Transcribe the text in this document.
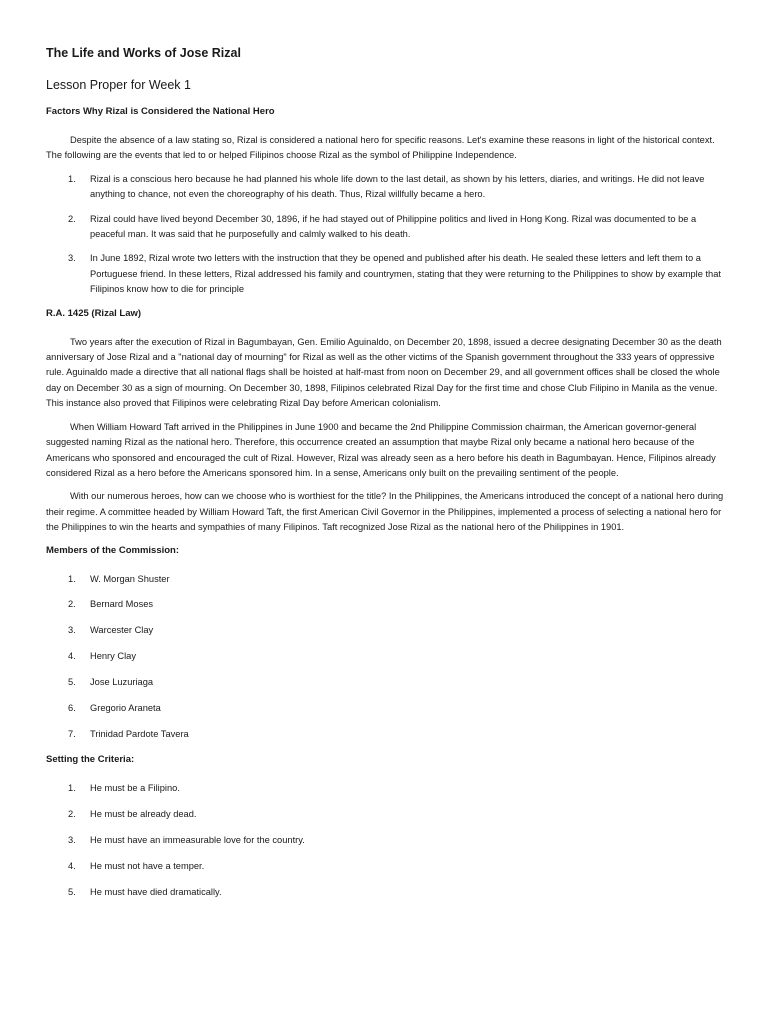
The Life and Works of Jose Rizal
Lesson Proper for Week 1
Factors Why Rizal is Considered the National Hero

Despite the absence of a law stating so, Rizal is considered a national hero for specific reasons. Let's examine these reasons in light of the historical context. The following are the events that led to or helped Filipinos choose Rizal as the symbol of Philippine Independence.

1. Rizal is a conscious hero because he had planned his whole life down to the last detail, as shown by his letters, diaries, and writings. He did not leave anything to chance, not even the choreography of his death. Thus, Rizal willfully became a hero.
2. Rizal could have lived beyond December 30, 1896, if he had stayed out of Philippine politics and lived in Hong Kong. Rizal was documented to be a peaceful man. It was said that he purposefully and calmly walked to his death.
3. In June 1892, Rizal wrote two letters with the instruction that they be opened and published after his death. He sealed these letters and left them to a Portuguese friend. In these letters, Rizal addressed his family and countrymen, stating that they were returning to the Philippines to show by example that Filipinos know how to die for principle
R.A. 1425 (Rizal Law)

Two years after the execution of Rizal in Bagumbayan, Gen. Emilio Aguinaldo, on December 20, 1898, issued a decree designating December 30 as the death anniversary of Jose Rizal and a "national day of mourning" for Rizal as well as the other victims of the Spanish government throughout the 333 years of oppressive rule. Aguinaldo made a directive that all national flags shall be hoisted at half-mast from noon on December 29, and all government offices shall be closed the whole day on December 30 as a sign of mourning. On December 30, 1898, Filipinos celebrated Rizal Day for the first time and chose Club Filipino in Manila as the venue. This instance also proved that Filipinos were celebrating Rizal Day before American colonialism.

When William Howard Taft arrived in the Philippines in June 1900 and became the 2nd Philippine Commission chairman, the American governor-general suggested naming Rizal as the national hero. Therefore, this occurrence created an assumption that maybe Rizal only became a national hero because of the Americans who sponsored and encouraged the cult of Rizal. However, Rizal was already seen as a hero before his death in Bagumbayan. Hence, Filipinos already considered Rizal as a hero before the Americans sponsored him. In a sense, Americans only built on the prevailing sentiment of the people.

With our numerous heroes, how can we choose who is worthiest for the title? In the Philippines, the Americans introduced the concept of a national hero during their regime. A committee headed by William Howard Taft, the first American Civil Governor in the Philippines, implemented a process of selecting a national hero for the Philippines to win the hearts and sympathies of many Filipinos. Taft recognized Jose Rizal as the national hero of the Philippines in 1901.

Members of the Commission:
1. W. Morgan Shuster
2. Bernard Moses
3. Warcester Clay
4. Henry Clay
5. Jose Luzuriaga
6. Gregorio Araneta
7. Trinidad Pardote Tavera
Setting the Criteria:
1. He must be a Filipino.
2. He must be already dead.
3. He must have an immeasurable love for the country.
4. He must not have a temper.
5. He must have died dramatically.
